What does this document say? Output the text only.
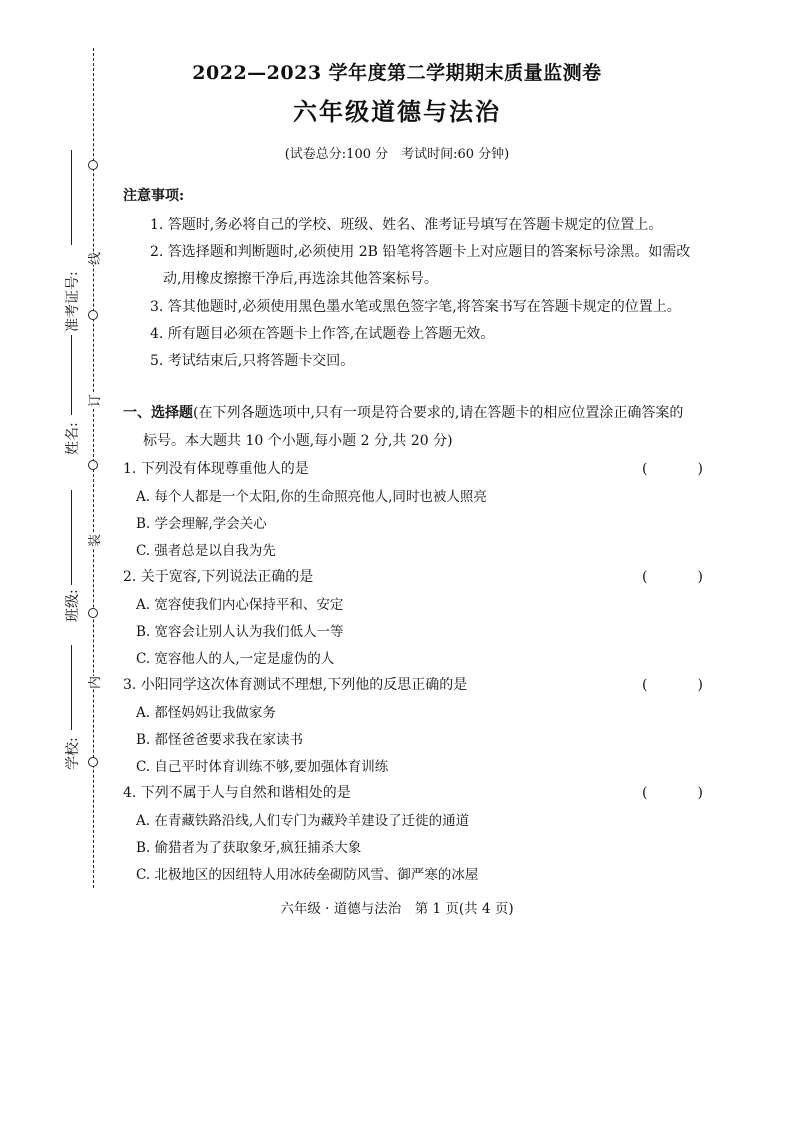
准考证号:
姓名:
班级:
学校:
线
订
装
内
2022—2023 学年度第二学期期末质量监测卷
六年级道德与法治
(试卷总分:100 分　考试时间:60 分钟)
注意事项:
1. 答题时,务必将自己的学校、班级、姓名、准考证号填写在答题卡规定的位置上。
2. 答选择题和判断题时,必须使用 2B 铅笔将答题卡上对应题目的答案标号涂黑。如需改
动,用橡皮擦擦干净后,再选涂其他答案标号。
3. 答其他题时,必须使用黑色墨水笔或黑色签字笔,将答案书写在答题卡规定的位置上。
4. 所有题目必须在答题卡上作答,在试题卷上答题无效。
5. 考试结束后,只将答题卡交回。
一、选择题(在下列各题选项中,只有一项是符合要求的,请在答题卡的相应位置涂正确答案的
标号。本大题共 10 个小题,每小题 2 分,共 20 分)
1. 下列没有体现尊重他人的是	(　)
A. 每个人都是一个太阳,你的生命照亮他人,同时也被人照亮
B. 学会理解,学会关心
C. 强者总是以自我为先
2. 关于宽容,下列说法正确的是	(　)
A. 宽容使我们内心保持平和、安定
B. 宽容会让别人认为我们低人一等
C. 宽容他人的人,一定是虚伪的人
3. 小阳同学这次体育测试不理想,下列他的反思正确的是	(　)
A. 都怪妈妈让我做家务
B. 都怪爸爸要求我在家读书
C. 自己平时体育训练不够,要加强体育训练
4. 下列不属于人与自然和谐相处的是	(　)
A. 在青藏铁路沿线,人们专门为藏羚羊建设了迁徙的通道
B. 偷猎者为了获取象牙,疯狂捕杀大象
C. 北极地区的因纽特人用冰砖垒砌防风雪、御严寒的冰屋
六年级 · 道德与法治　第 1 页(共 4 页)
